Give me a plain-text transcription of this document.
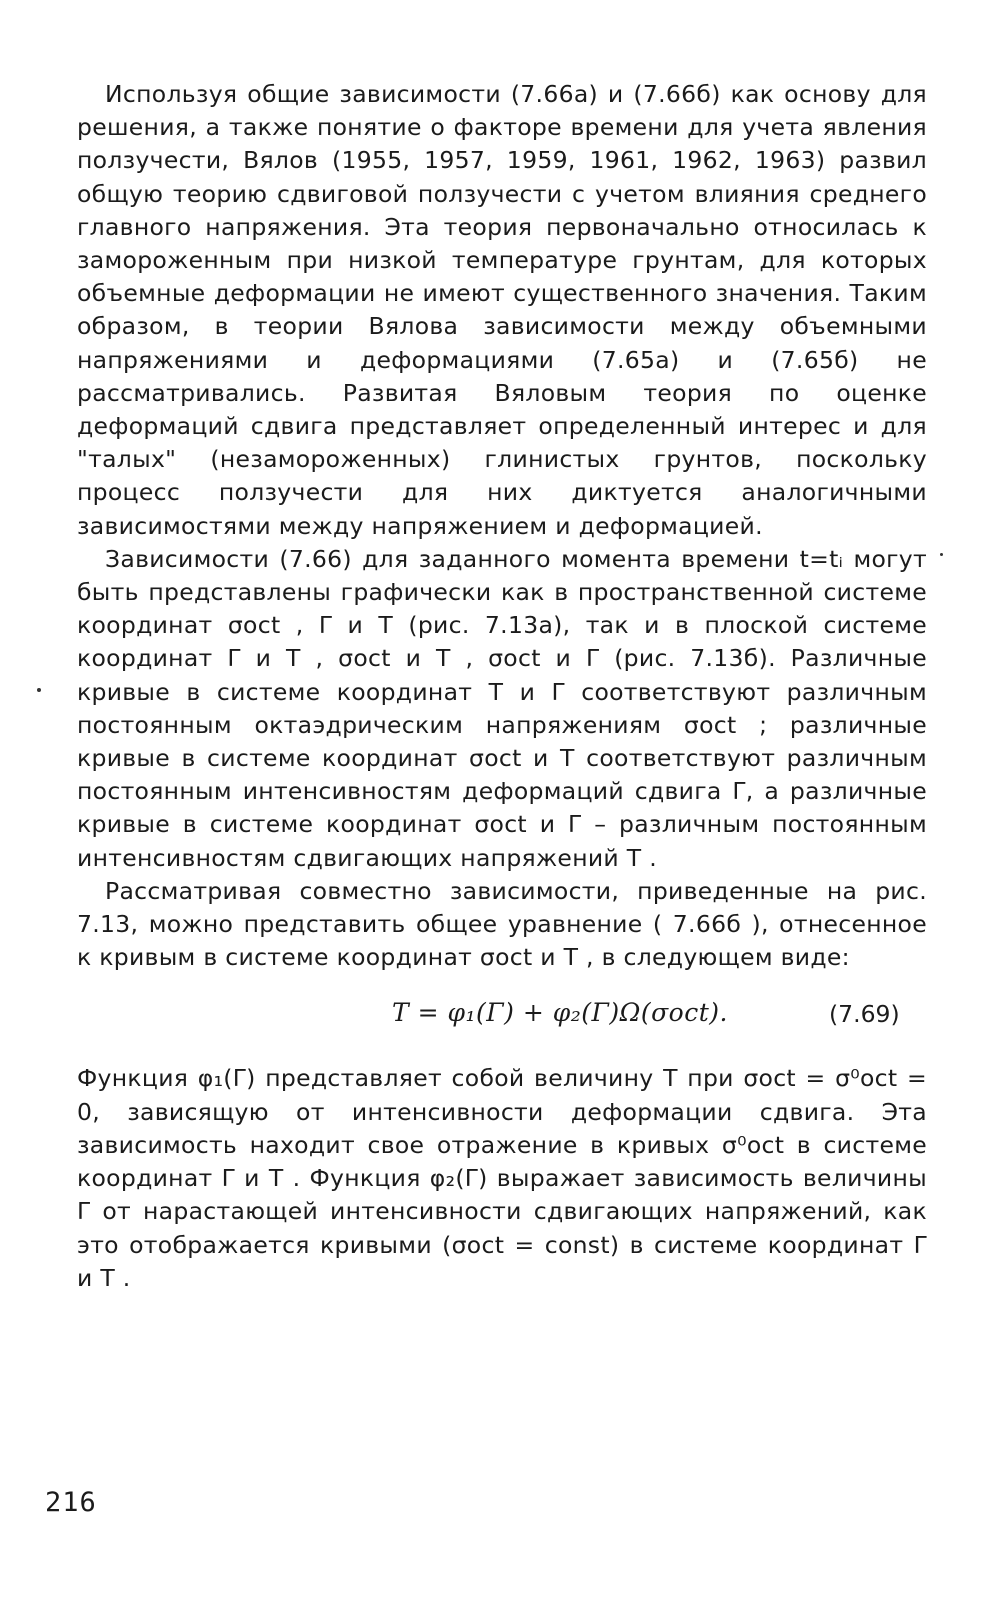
Используя общие зависимости (7.66а) и (7.66б) как основу для решения, а также понятие о факторе времени для учета явления ползучести, Вялов (1955, 1957, 1959, 1961, 1962, 1963) развил общую теорию сдвиговой ползучести с учетом влияния среднего главного напряжения. Эта теория первоначально относилась к замороженным при низкой температуре грунтам, для которых объемные деформации не имеют существенного значения. Таким образом, в теории Вялова зависимости между объемными напряжениями и деформациями (7.65а) и (7.65б) не рассматривались. Развитая Вяловым теория по оценке деформаций сдвига представляет определенный интерес и для "талых" (незамороженных) глинистых грунтов, поскольку процесс ползучести для них диктуется аналогичными зависимостями между напряжением и деформацией.

Зависимости (7.66) для заданного момента времени t=tᵢ могут быть представлены графически как в пространственной системе координат σoct , Γ и T (рис. 7.13а), так и в плоской системе координат Γ и T , σoct и T , σoct и Γ (рис. 7.13б). Различные кривые в системе координат T и Γ соответствуют различным постоянным октаэдрическим напряжениям σoct ; различные кривые в системе координат σoct и T соответствуют различным постоянным интенсивностям деформаций сдвига Γ, а различные кривые в системе координат σoct и Γ – различным постоянным интенсивностям сдвигающих напряжений T .

Рассматривая совместно зависимости, приведенные на рис. 7.13, можно представить общее уравнение ( 7.66б ), отнесенное к кривым в системе координат σoct и T , в следующем виде:

T = φ₁(Γ) + φ₂(Γ)Ω(σoct).	(7.69)

Функция φ₁(Γ) представляет собой величину T при σoct = σ⁰oct = 0, зависящую от интенсивности деформации сдвига. Эта зависимость находит свое отражение в кривых σ⁰oct в системе координат Γ и T . Функция φ₂(Γ) выражает зависимость величины Γ от нарастающей интенсивности сдвигающих напряжений, как это отображается кривыми (σoct = const) в системе координат Γ и T .

216
